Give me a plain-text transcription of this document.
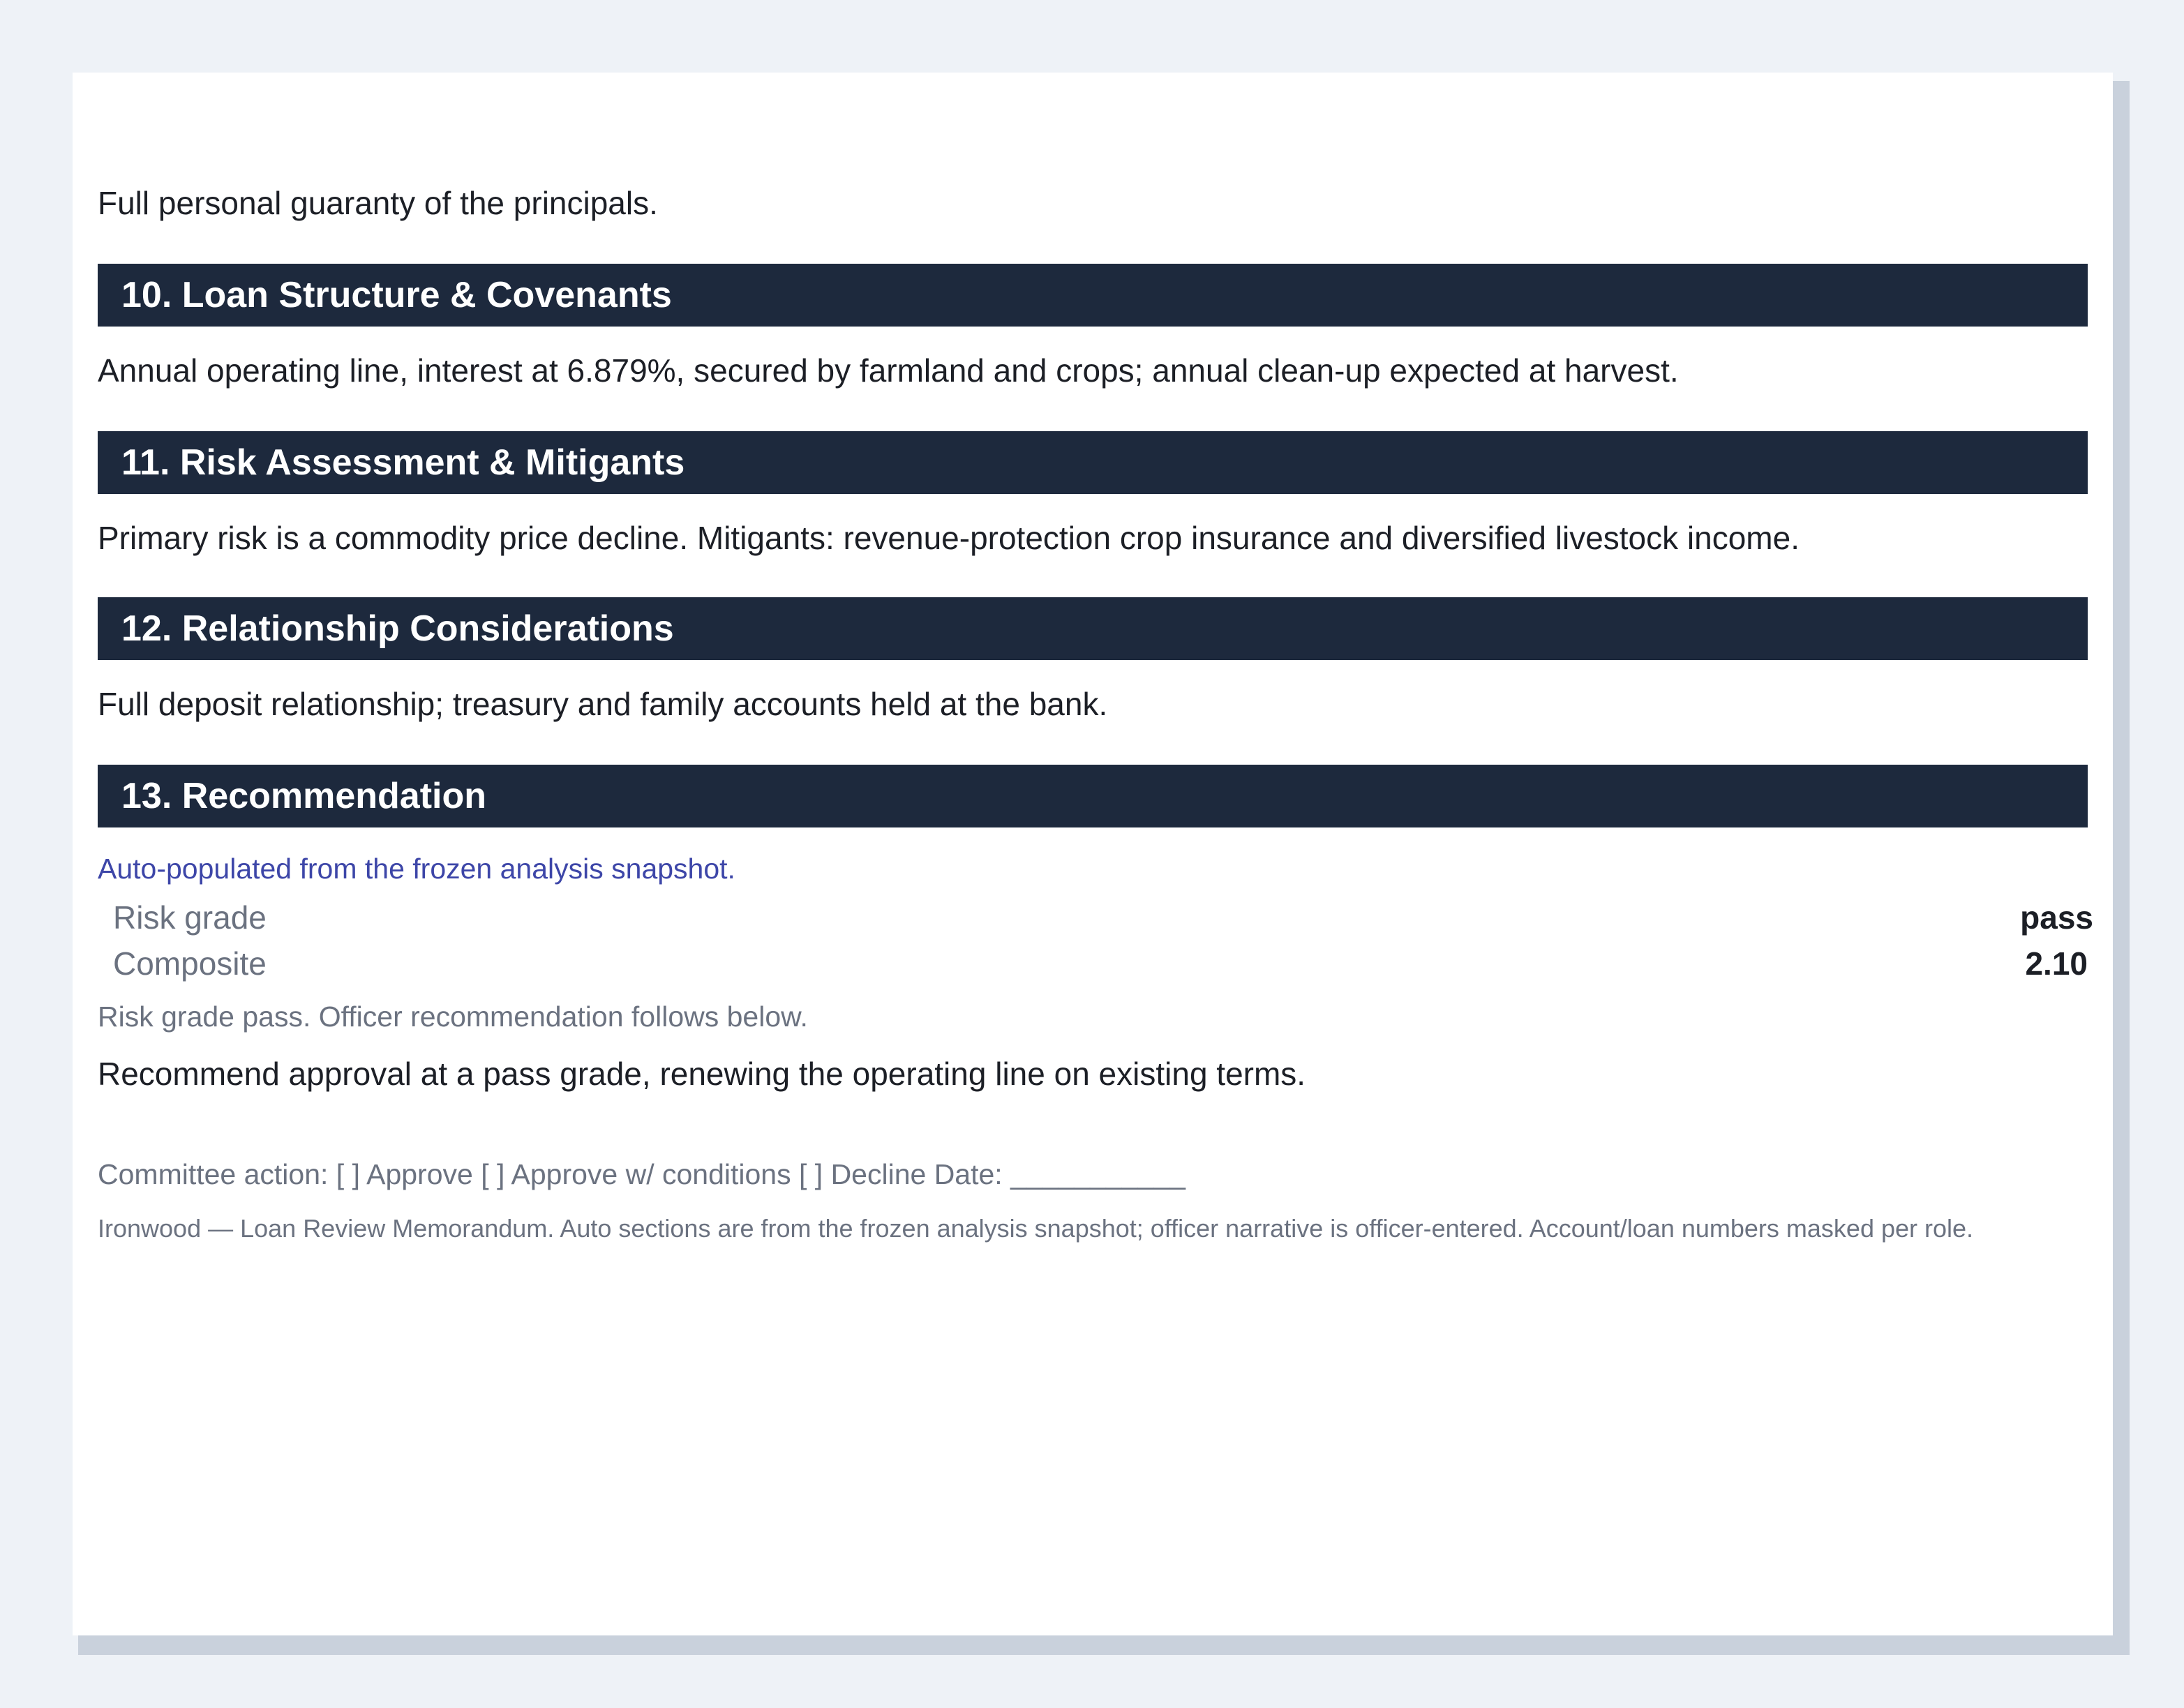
Full personal guaranty of the principals.

10. Loan Structure & Covenants

Annual operating line, interest at 6.879%, secured by farmland and crops; annual clean-up expected at harvest.

11. Risk Assessment & Mitigants

Primary risk is a commodity price decline. Mitigants: revenue-protection crop insurance and diversified livestock income.

12. Relationship Considerations

Full deposit relationship; treasury and family accounts held at the bank.

13. Recommendation
Auto-populated from the frozen analysis snapshot.
Risk grade	pass
Composite	2.10
Risk grade pass. Officer recommendation follows below.

Recommend approval at a pass grade, renewing the operating line on existing terms.

Committee action: [ ] Approve [ ] Approve w/ conditions [ ] Decline Date: ___________
Ironwood — Loan Review Memorandum. Auto sections are from the frozen analysis snapshot; officer narrative is officer-entered. Account/loan numbers masked per role.
